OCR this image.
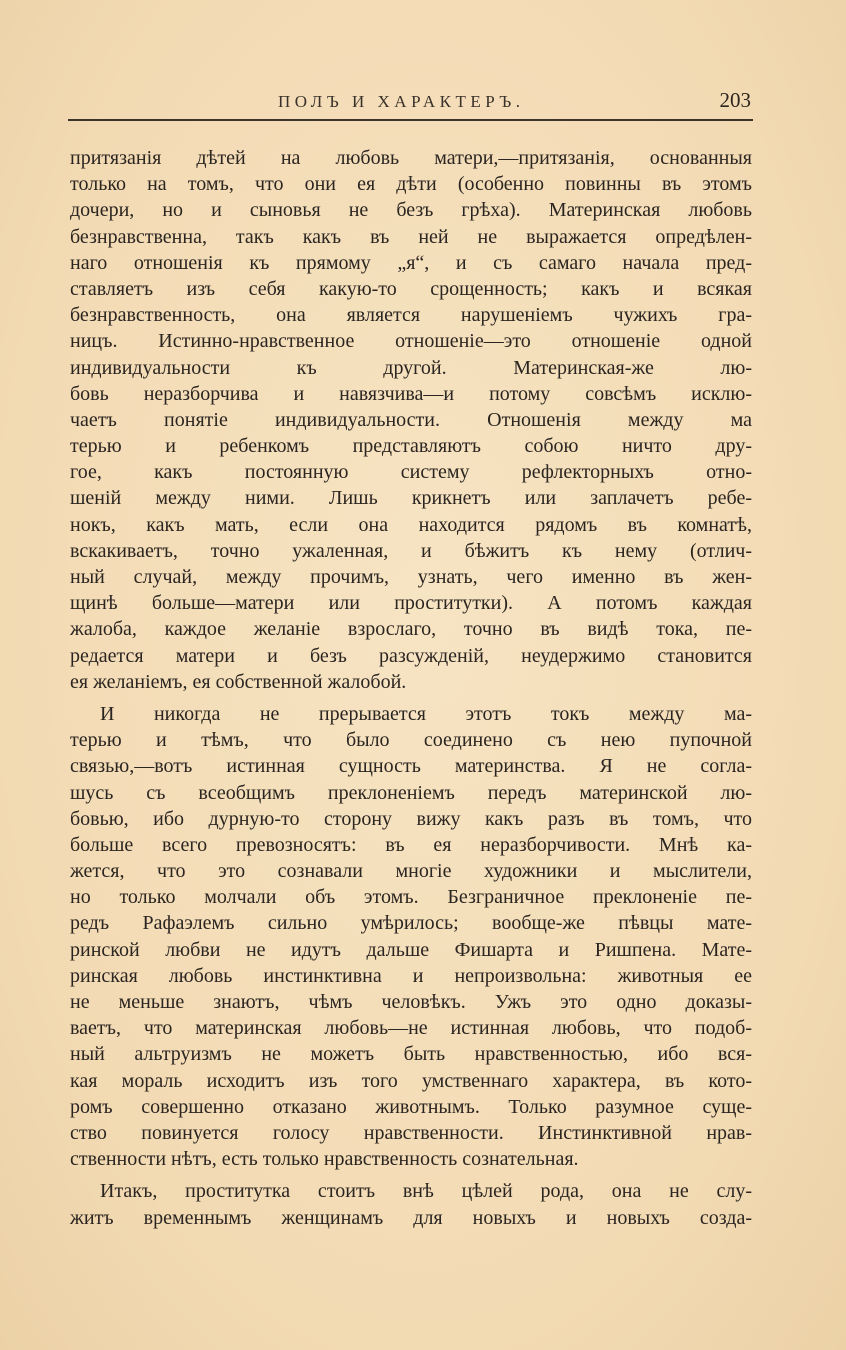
ПОЛЪ И ХАРАКТЕРЪ.	203
притязанія дѣтей на любовь матери,—притязанія, основанныя
только на томъ, что они ея дѣти (особенно повинны въ этомъ
дочери, но и сыновья не безъ грѣха). Материнская любовь
безнравственна, такъ какъ въ ней не выражается опредѣлен-
наго отношенія къ прямому „я“, и съ самаго начала пред-
ставляетъ изъ себя какую-то срощенность; какъ и всякая
безнравственность, она является нарушеніемъ чужихъ гра-
ницъ. Истинно-нравственное отношеніе—это отношеніе одной
индивидуальности къ другой. Материнская-же лю-
бовь неразборчива и навязчива—и потому совсѣмъ исклю-
чаетъ понятіе индивидуальности. Отношенія между ма
терью и ребенкомъ представляютъ собою ничто дру-
гое, какъ постоянную систему рефлекторныхъ отно-
шеній между ними. Лишь крикнетъ или заплачетъ ребе-
нокъ, какъ мать, если она находится рядомъ въ комнатѣ,
вскакиваетъ, точно ужаленная, и бѣжитъ къ нему (отлич-
ный случай, между прочимъ, узнать, чего именно въ жен-
щинѣ больше—матери или проститутки). А потомъ каждая
жалоба, каждое желаніе взрослаго, точно въ видѣ тока, пе-
редается матери и безъ разсужденій, неудержимо становится
ея желаніемъ, ея собственной жалобой.
И никогда не прерывается этотъ токъ между ма-
терью и тѣмъ, что было соединено съ нею пупочной
связью,—вотъ истинная сущность материнства. Я не согла-
шусь съ всеобщимъ преклоненіемъ передъ материнской лю-
бовью, ибо дурную-то сторону вижу какъ разъ въ томъ, что
больше всего превозносятъ: въ ея неразборчивости. Мнѣ ка-
жется, что это сознавали многіе художники и мыслители,
но только молчали объ этомъ. Безграничное преклоненіе пе-
редъ Рафаэлемъ сильно умѣрилось; вообще-же пѣвцы мате-
ринской любви не идутъ дальше Фишарта и Ришпена. Мате-
ринская любовь инстинктивна и непроизвольна: животныя ее
не меньше знаютъ, чѣмъ человѣкъ. Ужъ это одно доказы-
ваетъ, что материнская любовь—не истинная любовь, что подоб-
ный альтруизмъ не можетъ быть нравственностью, ибо вся-
кая мораль исходитъ изъ того умственнаго характера, въ кото-
ромъ совершенно отказано животнымъ. Только разумное суще-
ство повинуется голосу нравственности. Инстинктивной нрав-
ственности нѣтъ, есть только нравственность сознательная.
Итакъ, проститутка стоитъ внѣ цѣлей рода, она не слу-
житъ временнымъ женщинамъ для новыхъ и новыхъ созда-
